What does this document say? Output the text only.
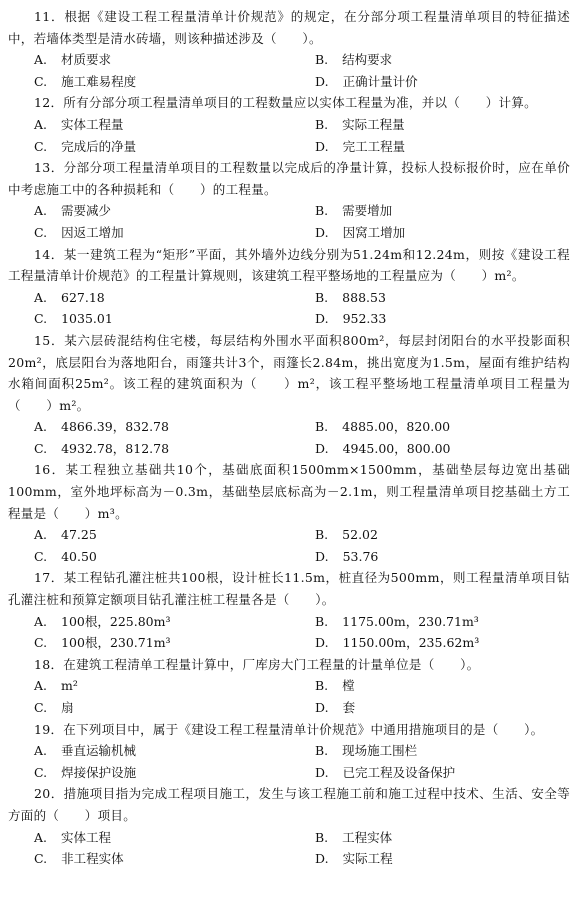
11．根据《建设工程工程量清单计价规范》的规定，在分部分项工程量清单项目的特征描述中，若墙体类型是清水砖墙，则该种描述涉及（　　）。

A. 材质要求	B. 结构要求
C. 施工难易程度	D. 正确计量计价

12．所有分部分项工程量清单项目的工程数量应以实体工程量为准，并以（　　）计算。

A. 实体工程量	B. 实际工程量
C. 完成后的净量	D. 完工工程量

13．分部分项工程量清单项目的工程数量以完成后的净量计算，投标人投标报价时，应在单价中考虑施工中的各种损耗和（　　）的工程量。

A. 需要减少	B. 需要增加
C. 因返工增加	D. 因窝工增加

14．某一建筑工程为“矩形”平面，其外墙外边线分别为51.24m和12.24m，则按《建设工程工程量清单计价规范》的工程量计算规则，该建筑工程平整场地的工程量应为（　　）m²。

A. 627.18	B. 888.53
C. 1035.01	D. 952.33

15．某六层砖混结构住宅楼，每层结构外围水平面积800m²，每层封闭阳台的水平投影面积20m²，底层阳台为落地阳台，雨篷共计3个，雨篷长2.84m，挑出宽度为1.5m，屋面有维护结构水箱间面积25m²。该工程的建筑面积为（　　）m²，该工程平整场地工程量清单项目工程量为（　　）m²。

A. 4866.39，832.78	B. 4885.00，820.00
C. 4932.78，812.78	D. 4945.00，800.00

16．某工程独立基础共10个，基础底面积1500mm×1500mm，基础垫层每边宽出基础100mm，室外地坪标高为－0.3m，基础垫层底标高为－2.1m，则工程量清单项目挖基础土方工程量是（　　）m³。

A. 47.25	B. 52.02
C. 40.50	D. 53.76

17．某工程钻孔灌注桩共100根，设计桩长11.5m，桩直径为500mm，则工程量清单项目钻孔灌注桩和预算定额项目钻孔灌注桩工程量各是（　　）。

A. 100根，225.80m³	B. 1175.00m，230.71m³
C. 100根，230.71m³	D. 1150.00m，235.62m³

18．在建筑工程清单工程量计算中，厂库房大门工程量的计量单位是（　　）。

A. m²	B. 樘
C. 扇	D. 套

19．在下列项目中，属于《建设工程工程量清单计价规范》中通用措施项目的是（　　）。

A. 垂直运输机械	B. 现场施工围栏
C. 焊接保护设施	D. 已完工程及设备保护

20．措施项目指为完成工程项目施工，发生与该工程施工前和施工过程中技术、生活、安全等方面的（　　）项目。

A. 实体工程	B. 工程实体
C. 非工程实体	D. 实际工程
